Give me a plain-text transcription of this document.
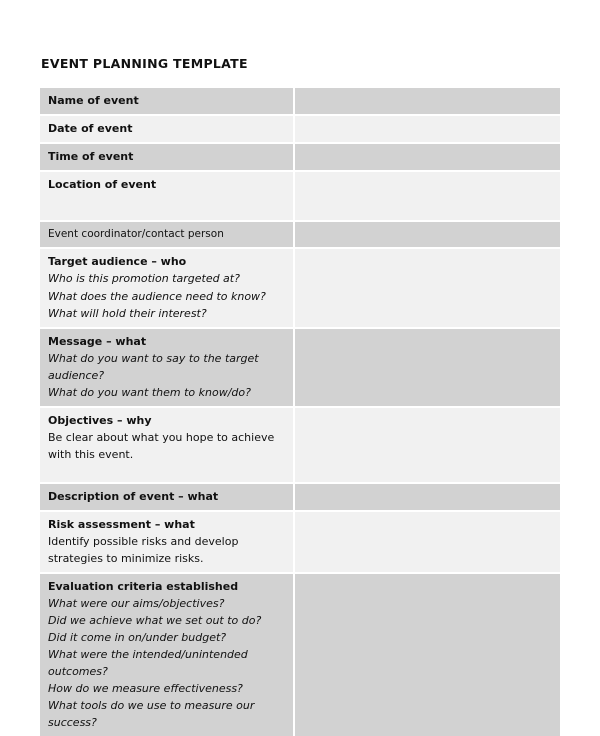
EVENT PLANNING TEMPLATE
Name of event
Date of event
Time of event
Location of event
Event coordinator/contact person
Target audience – who
Who is this promotion targeted at?
What does the audience need to know?
What will hold their interest?
Message – what
What do you want to say to the target audience?
What do you want them to know/do?
Objectives – why
Be clear about what you hope to achieve with this event.
Description of event – what
Risk assessment – what
Identify possible risks and develop strategies to minimize risks.
Evaluation criteria established
What were our aims/objectives?
Did we achieve what we set out to do?
Did it come in on/under budget?
What were the intended/unintended outcomes?
How do we measure effectiveness?
What tools do we use to measure our success?
